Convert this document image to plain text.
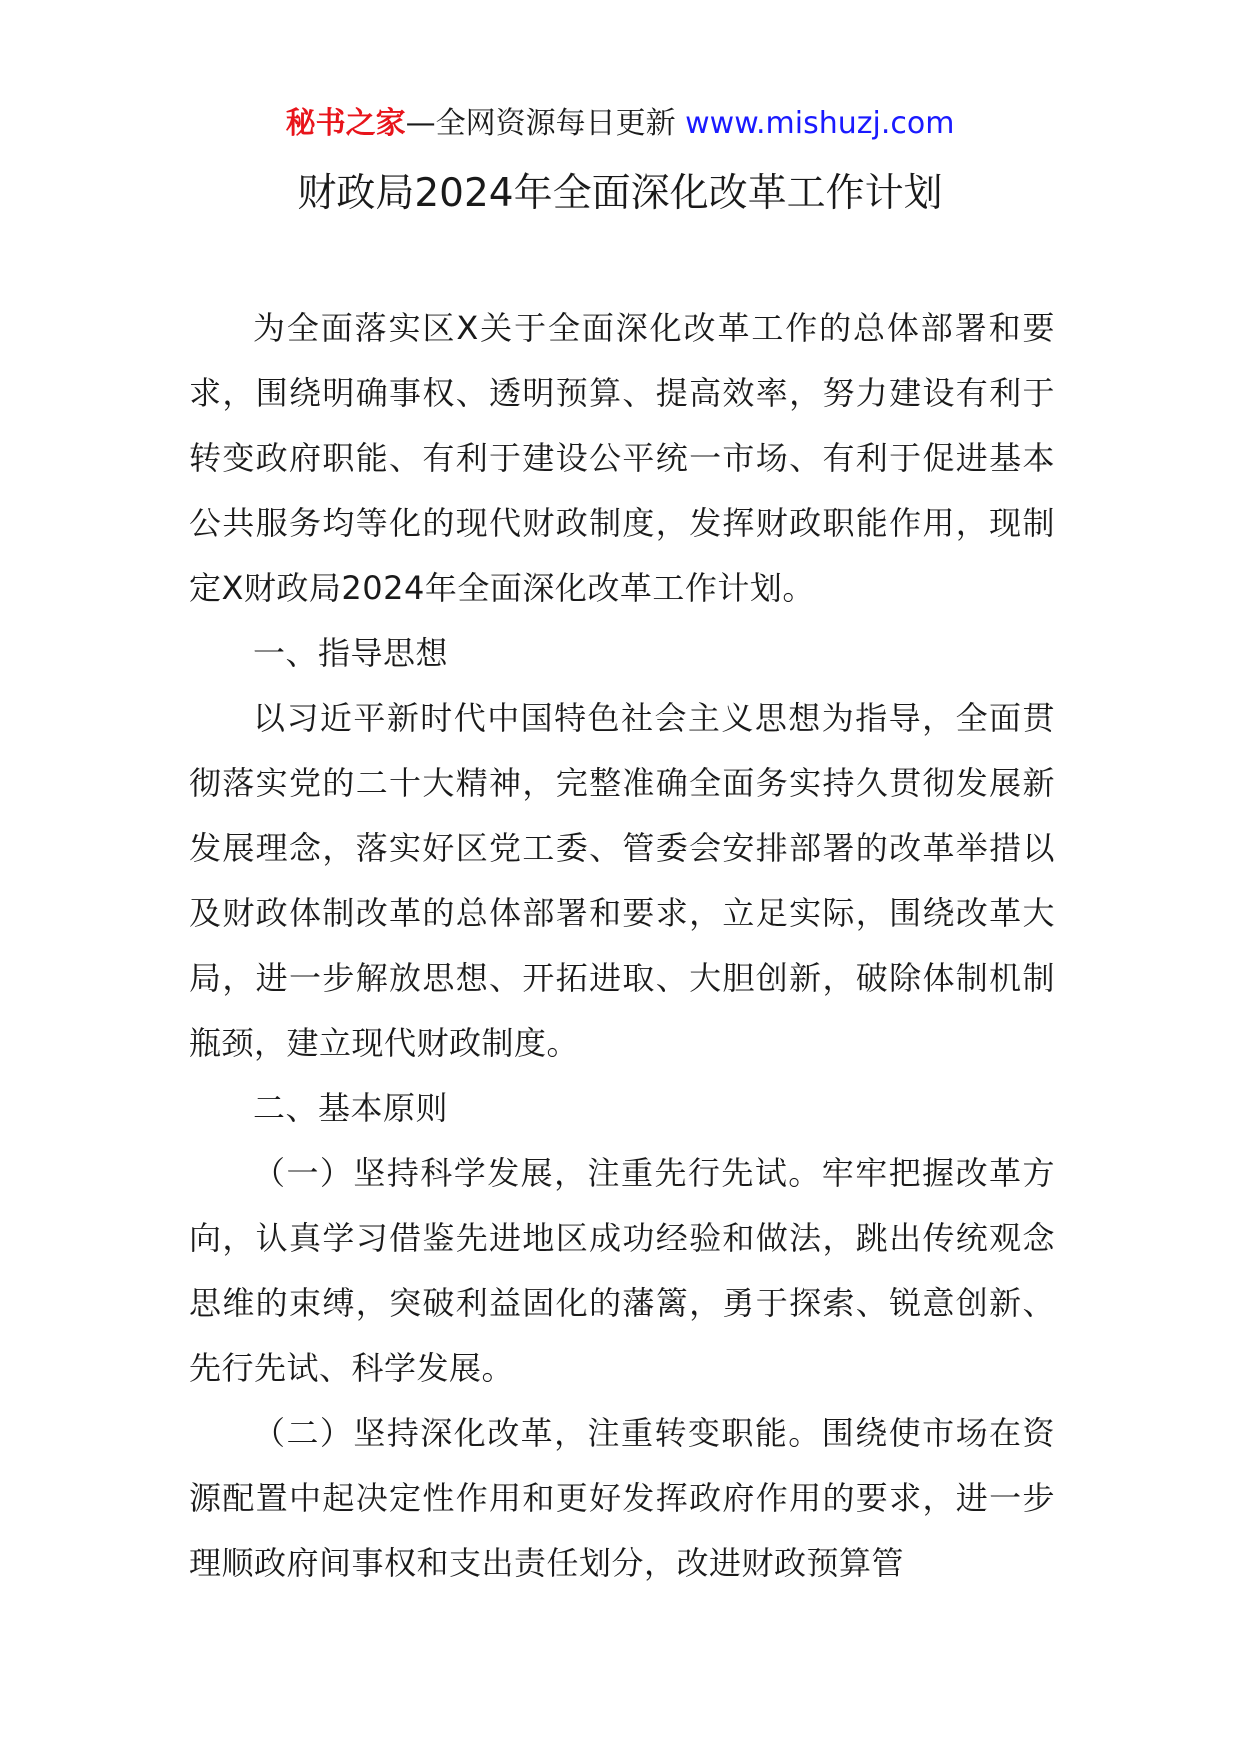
秘书之家—全网资源每日更新 www.mishuzj.com
财政局2024年全面深化改革工作计划

为全面落实区X关于全面深化改革工作的总体部署和要求，围绕明确事权、透明预算、提高效率，努力建设有利于转变政府职能、有利于建设公平统一市场、有利于促进基本公共服务均等化的现代财政制度，发挥财政职能作用，现制定X财政局2024年全面深化改革工作计划。

一、指导思想

以习近平新时代中国特色社会主义思想为指导，全面贯彻落实党的二十大精神，完整准确全面务实持久贯彻发展新发展理念，落实好区党工委、管委会安排部署的改革举措以及财政体制改革的总体部署和要求，立足实际，围绕改革大局，进一步解放思想、开拓进取、大胆创新，破除体制机制瓶颈，建立现代财政制度。

二、基本原则

（一）坚持科学发展，注重先行先试。牢牢把握改革方向，认真学习借鉴先进地区成功经验和做法，跳出传统观念思维的束缚，突破利益固化的藩篱，勇于探索、锐意创新、先行先试、科学发展。

（二）坚持深化改革，注重转变职能。围绕使市场在资源配置中起决定性作用和更好发挥政府作用的要求，进一步理顺政府间事权和支出责任划分，改进财政预算管
